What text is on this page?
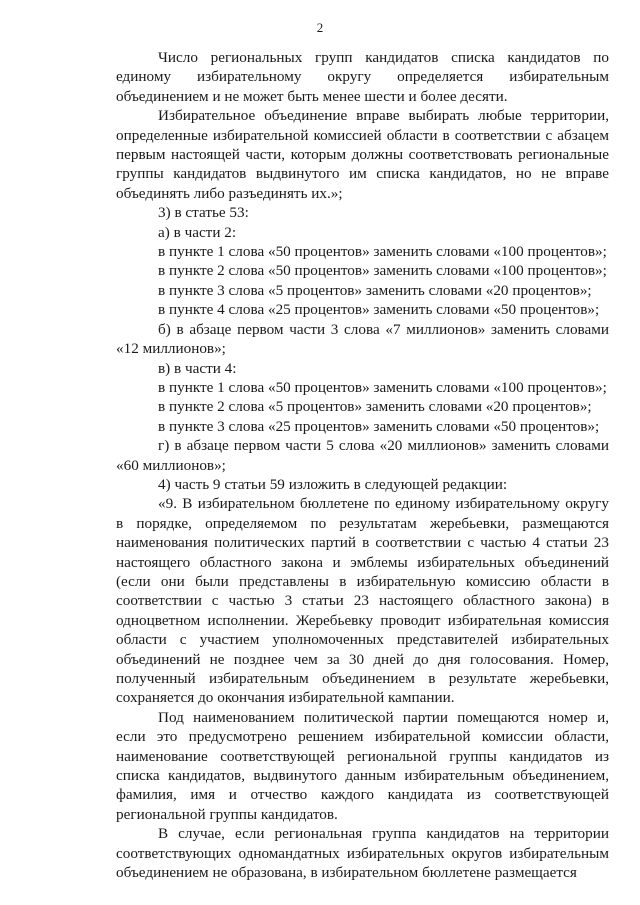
2

Число региональных групп кандидатов списка кандидатов по единому избирательному округу определяется избирательным объединением и не может быть менее шести и более десяти.

Избирательное объединение вправе выбирать любые территории, определенные избирательной комиссией области в соответствии с абзацем первым настоящей части, которым должны соответствовать региональные группы кандидатов выдвинутого им списка кандидатов, но не вправе объединять либо разъединять их.»;

3) в статье 53:

а) в части 2:

в пункте 1 слова «50 процентов» заменить словами «100 процентов»;

в пункте 2 слова «50 процентов» заменить словами «100 процентов»;

в пункте 3 слова «5 процентов» заменить словами «20 процентов»;

в пункте 4 слова «25 процентов» заменить словами «50 процентов»;

б) в абзаце первом части 3 слова «7 миллионов» заменить словами «12 миллионов»;

в) в части 4:

в пункте 1 слова «50 процентов» заменить словами «100 процентов»;

в пункте 2 слова «5 процентов» заменить словами «20 процентов»;

в пункте 3 слова «25 процентов» заменить словами «50 процентов»;

г) в абзаце первом части 5 слова «20 миллионов» заменить словами «60 миллионов»;

4) часть 9 статьи 59 изложить в следующей редакции:

«9. В избирательном бюллетене по единому избирательному округу в порядке, определяемом по результатам жеребьевки, размещаются наименования политических партий в соответствии с частью 4 статьи 23 настоящего областного закона и эмблемы избирательных объединений (если они были представлены в избирательную комиссию области в соответствии с частью 3 статьи 23 настоящего областного закона) в одноцветном исполнении. Жеребьевку проводит избирательная комиссия области с участием уполномоченных представителей избирательных объединений не позднее чем за 30 дней до дня голосования. Номер, полученный избирательным объединением в результате жеребьевки, сохраняется до окончания избирательной кампании.

Под наименованием политической партии помещаются номер и, если это предусмотрено решением избирательной комиссии области, наименование соответствующей региональной группы кандидатов из списка кандидатов, выдвинутого данным избирательным объединением, фамилия, имя и отчество каждого кандидата из соответствующей региональной группы кандидатов.

В случае, если региональная группа кандидатов на территории соответствующих одномандатных избирательных округов избирательным объединением не образована, в избирательном бюллетене размещается
